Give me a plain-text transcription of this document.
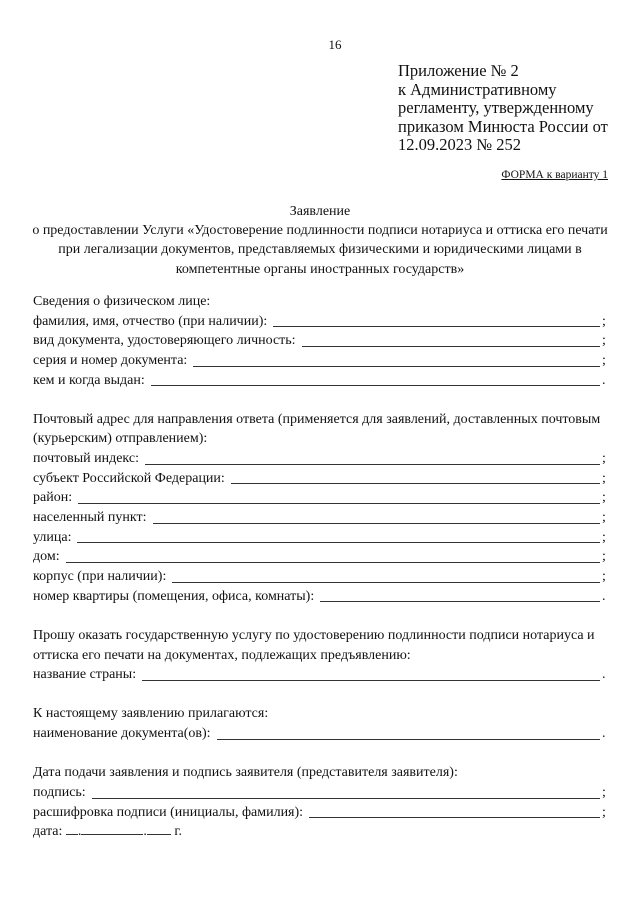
16
Приложение № 2
к Административному
регламенту, утвержденному
приказом Минюста России от
12.09.2023 № 252
ФОРМА к варианту 1
Заявление
о предоставлении Услуги «Удостоверение подлинности подписи нотариуса и оттиска его печати
при легализации документов, представляемых физическими и юридическими лицами в
компетентные органы иностранных государств»
Сведения о физическом лице:
фамилия, имя, отчество (при наличии):	;
вид документа, удостоверяющего личность:	;
серия и номер документа:	;
кем и когда выдан:	.
Почтовый адрес для направления ответа (применяется для заявлений, доставленных почтовым
(курьерским) отправлением):
почтовый индекс:	;
субъект Российской Федерации:	;
район:	;
населенный пункт:	;
улица:	;
дом:	;
корпус (при наличии):	;
номер квартиры (помещения, офиса, комнаты):	.
Прошу оказать государственную услугу по удостоверению подлинности подписи нотариуса и
оттиска его печати на документах, подлежащих предъявлению:
название страны:	.
К настоящему заявлению прилагаются:
наименование документа(ов):	.
Дата подачи заявления и подпись заявителя (представителя заявителя):
подпись:	;
расшифровка подписи (инициалы, фамилия):	;
дата: .	. г.
